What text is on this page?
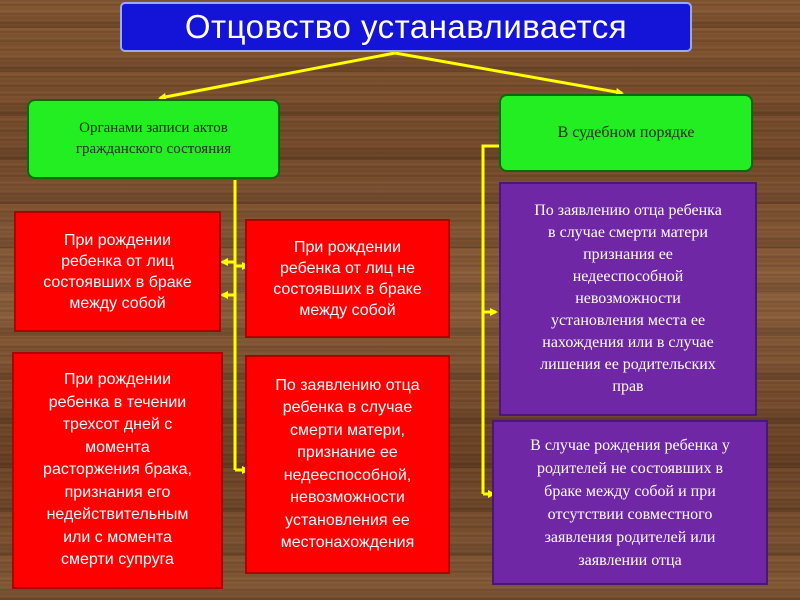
Отцовство устанавливается
Органами записи актов
гражданского состояния
В судебном порядке
При рождении
ребенка от лиц
состоявших в браке
между собой
При рождении
ребенка от лиц не
состоявших в браке
между собой
При рождении
ребенка в течении
трехсот дней с
момента
расторжения брака,
признания его
недействительным
или с момента
смерти супруга
По заявлению отца
ребенка в случае
смерти матери,
признание ее
недееспособной,
невозможности
установления ее
местонахождения
По заявлению отца ребенка
в случае смерти матери
признания ее
недееспособной
невозможности
установления места ее
нахождения или в случае
лишения ее родительских
прав
В случае рождения ребенка у
родителей не состоявших в
браке между собой и при
отсутствии совместного
заявления родителей или
заявлении отца
